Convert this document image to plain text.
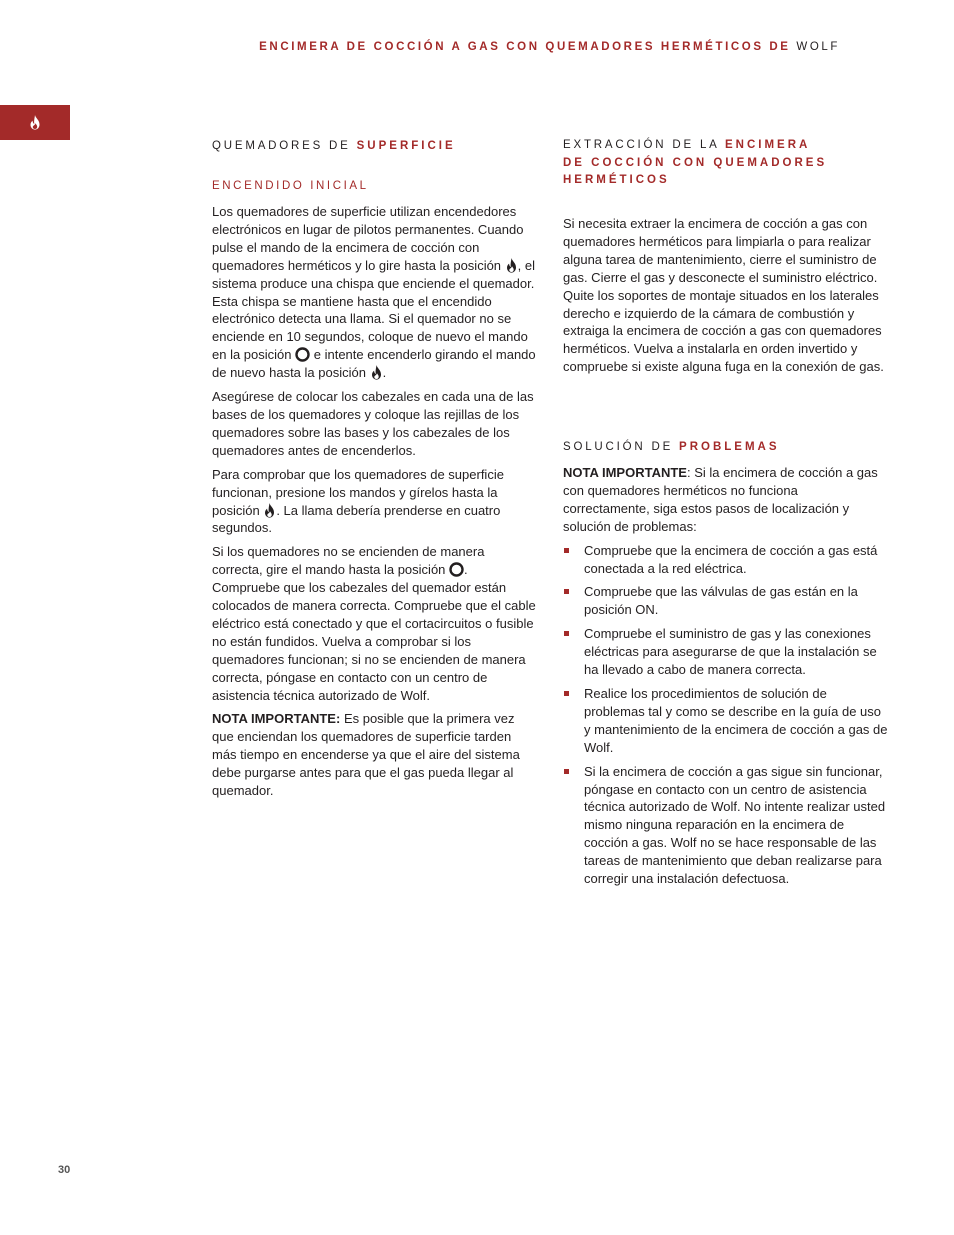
ENCIMERA DE COCCIÓN A GAS CON QUEMADORES HERMÉTICOS DE WOLF
QUEMADORES DE SUPERFICIE
ENCENDIDO INICIAL

Los quemadores de superficie utilizan encendedores electrónicos en lugar de pilotos permanentes. Cuando pulse el mando de la encimera de cocción con quemadores herméticos y lo gire hasta la posición , el sistema produce una chispa que enciende el quemador. Esta chispa se mantiene hasta que el encendido electrónico detecta una llama. Si el quemador no se enciende en 10 segundos, coloque de nuevo el mando en la posición e intente encenderlo girando el mando de nuevo hasta la posición .

Asegúrese de colocar los cabezales en cada una de las bases de los quemadores y coloque las rejillas de los quemadores sobre las bases y los cabezales de los quemadores antes de encenderlos.

Para comprobar que los quemadores de superficie funcionan, presione los mandos y gírelos hasta la posición . La llama debería prenderse en cuatro segundos.

Si los quemadores no se encienden de manera correcta, gire el mando hasta la posición . Compruebe que los cabezales del quemador están colocados de manera correcta. Compruebe que el cable eléctrico está conectado y que el cortacircuitos o fusible no están fundidos. Vuelva a comprobar si los quemadores funcionan; si no se encienden de manera correcta, póngase en contacto con un centro de asistencia técnica autorizado de Wolf.

NOTA IMPORTANTE: Es posible que la primera vez que enciendan los quemadores de superficie tarden más tiempo en encenderse ya que el aire del sistema debe purgarse antes para que el gas pueda llegar al quemador.

EXTRACCIÓN DE LA ENCIMERA
DE COCCIÓN CON QUEMADORES
HERMÉTICOS

Si necesita extraer la encimera de cocción a gas con quemadores herméticos para limpiarla o para realizar alguna tarea de mantenimiento, cierre el suministro de gas. Cierre el gas y desconecte el suministro eléctrico. Quite los soportes de montaje situados en los laterales derecho e izquierdo de la cámara de combustión y extraiga la encimera de cocción a gas con quemadores herméticos. Vuelva a instalarla en orden invertido y compruebe si existe alguna fuga en la conexión de gas.

SOLUCIÓN DE PROBLEMAS

NOTA IMPORTANTE: Si la encimera de cocción a gas con quemadores herméticos no funciona correctamente, siga estos pasos de localización y solución de problemas:

Compruebe que la encimera de cocción a gas está conectada a la red eléctrica.
Compruebe que las válvulas de gas están en la posición ON.
Compruebe el suministro de gas y las conexiones eléctricas para asegurarse de que la instalación se ha llevado a cabo de manera correcta.
Realice los procedimientos de solución de problemas tal y como se describe en la guía de uso y mantenimiento de la encimera de cocción a gas de Wolf.
Si la encimera de cocción a gas sigue sin funcionar, póngase en contacto con un centro de asistencia técnica autorizado de Wolf. No intente realizar usted mismo ninguna reparación en la encimera de cocción a gas. Wolf no se hace responsable de las tareas de mantenimiento que deban realizarse para corregir una instalación defectuosa.
30
